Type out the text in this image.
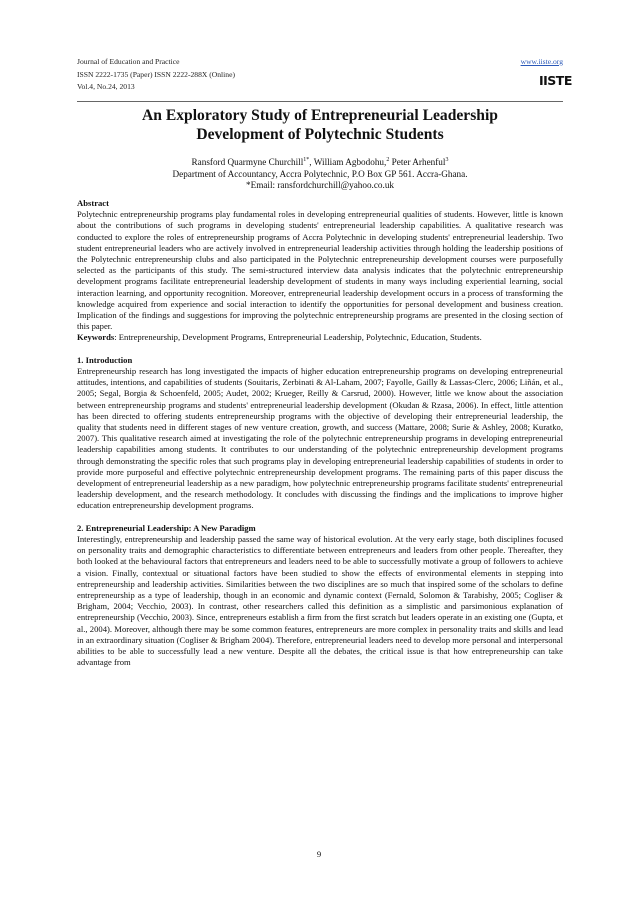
Journal of Education and Practice
ISSN 2222-1735 (Paper) ISSN 2222-288X (Online)
Vol.4, No.24, 2013
www.iiste.org
IISTE
An Exploratory Study of Entrepreneurial Leadership
Development of Polytechnic Students
Ransford Quarmyne Churchill$^{1*}$, William Agbodohu,$^2$ Peter Arhenful$^3$
Department of Accountancy, Accra Polytechnic, P.O Box GP 561. Accra-Ghana.
*Email: ransfordchurchill@yahoo.co.uk
Abstract

Polytechnic entrepreneurship programs play fundamental roles in developing entrepreneurial qualities of students. However, little is known about the contributions of such programs in developing students' entrepreneurial leadership capabilities. A qualitative research was conducted to explore the roles of entrepreneurship programs of Accra Polytechnic in developing students' entrepreneurial leadership. Two student entrepreneurial leaders who are actively involved in entrepreneurial leadership activities through holding the leadership positions of the Polytechnic entrepreneurship clubs and also participated in the Polytechnic entrepreneurship development courses were purposefully selected as the participants of this study. The semi-structured interview data analysis indicates that the polytechnic entrepreneurship development programs facilitate entrepreneurial leadership development of students in many ways including experiential learning, social interaction learning, and opportunity recognition. Moreover, entrepreneurial leadership development occurs in a process of transforming the knowledge acquired from experience and social interaction to identify the opportunities for personal development and business creation. Implication of the findings and suggestions for improving the polytechnic entrepreneurship programs are presented in the closing section of this paper.

Keywords: Entrepreneurship, Development Programs, Entrepreneurial Leadership, Polytechnic, Education, Students.

1. Introduction

Entrepreneurship research has long investigated the impacts of higher education entrepreneurship programs on developing entrepreneurial attitudes, intentions, and capabilities of students (Souitaris, Zerbinati & Al-Laham, 2007; Fayolle, Gailly & Lassas-Clerc, 2006; Liñán, et al., 2005; Segal, Borgia & Schoenfeld, 2005; Audet, 2002; Krueger, Reilly & Carsrud, 2000). However, little we know about the association between entrepreneurship programs and students' entrepreneurial leadership development (Okudan & Rzasa, 2006). In effect, little attention has been directed to offering students entrepreneurship programs with the objective of developing their entrepreneurial leadership, the quality that students need in different stages of new venture creation, growth, and success (Mattare, 2008; Surie & Ashley, 2008; Kuratko, 2007). This qualitative research aimed at investigating the role of the polytechnic entrepreneurship programs in developing entrepreneurial leadership capabilities among students. It contributes to our understanding of the polytechnic entrepreneurship development programs through demonstrating the specific roles that such programs play in developing entrepreneurial leadership capabilities of students in order to provide more purposeful and effective polytechnic entrepreneurship development programs. The remaining parts of this paper discuss the development of entrepreneurial leadership as a new paradigm, how polytechnic entrepreneurship programs facilitate students' entrepreneurial leadership development, and the research methodology. It concludes with discussing the findings and the implications to improve higher education entrepreneurship development programs.

2. Entrepreneurial Leadership: A New Paradigm

Interestingly, entrepreneurship and leadership passed the same way of historical evolution. At the very early stage, both disciplines focused on personality traits and demographic characteristics to differentiate between entrepreneurs and leaders from other people. Thereafter, they both looked at the behavioural factors that entrepreneurs and leaders need to be able to successfully motivate a group of followers to achieve a vision. Finally, contextual or situational factors have been studied to show the effects of environmental elements in stepping into entrepreneurship and leadership activities. Similarities between the two disciplines are so much that inspired some of the scholars to define entrepreneurship as a type of leadership, though in an economic and dynamic context (Fernald, Solomon & Tarabishy, 2005; Cogliser & Brigham, 2004; Vecchio, 2003). In contrast, other researchers called this definition as a simplistic and parsimonious explanation of entrepreneurship (Vecchio, 2003). Since, entrepreneurs establish a firm from the first scratch but leaders operate in an existing one (Gupta, et al., 2004). Moreover, although there may be some common features, entrepreneurs are more complex in personality traits and skills and lead in an extraordinary situation (Cogliser & Brigham 2004). Therefore, entrepreneurial leaders need to develop more personal and interpersonal abilities to be able to successfully lead a new venture. Despite all the debates, the critical issue is that how entrepreneurship can take advantage from

9
